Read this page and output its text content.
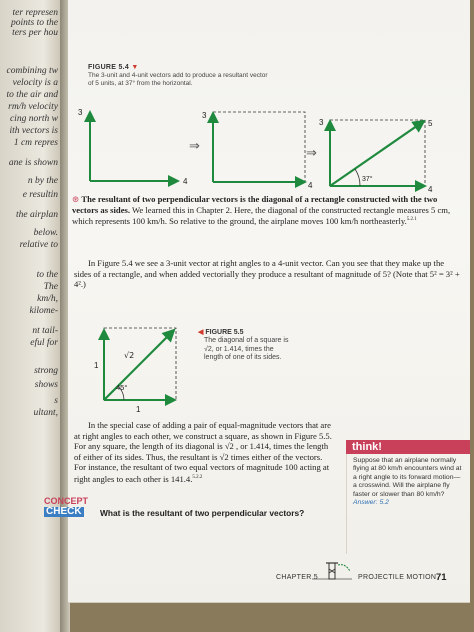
ter represen
points to the
ters per hou
combining tw
velocity is a
to the air and
rm/h velocity
cing north w
ith vectors is
1 cm repres
ane is shown
n by the
e resultin
the airplan
below.
relative to
to the
The
km/h,
kilome-
nt tail-
eful for
strong
shows
s
ultant,
FIGURE 5.4 ▼
The 3-unit and 4-unit vectors add to produce a resultant vector of 5 units, at 37° from the horizontal.
3
4
⇒
3
4
⇒
3
4
5
37°
⊛ The resultant of two perpendicular vectors is the diagonal of a rectangle constructed with the two vectors as sides. We learned this in Chapter 2. Here, the diagonal of the constructed rectangle measures 5 cm, which represents 100 km/h. So relative to the ground, the airplane moves 100 km/h northeasterly.$^{5.2.1}$
In Figure 5.4 we see a 3-unit vector at right angles to a 4-unit vector. Can you see that they make up the sides of a rectangle, and when added vectorially they produce a resultant of magnitude of 5? (Note that 5² = 3² + 4².)
1
1
√2
45°
◀ FIGURE 5.5
The diagonal of a square is √2, or 1.414, times the length of one of its sides.
In the special case of adding a pair of equal-magnitude vectors that are at right angles to each other, we construct a square, as shown in Figure 5.5. For any square, the length of its diagonal is √2 , or 1.414, times the length of either of its sides. Thus, the resultant is √2 times either of the vectors. For instance, the resultant of two equal vectors of magnitude 100 acting at right angles to each other is 141.4.$^{5.2.2}$
think!
Suppose that an airplane normally flying at 80 km/h encounters wind at a right angle to its forward motion—a crosswind. Will the airplane fly faster or slower than 80 km/h?
Answer: 5.2
CONCEPT
CHECK	What is the resultant of two perpendicular vectors?
CHAPTER 5	PROJECTILE MOTION 71
